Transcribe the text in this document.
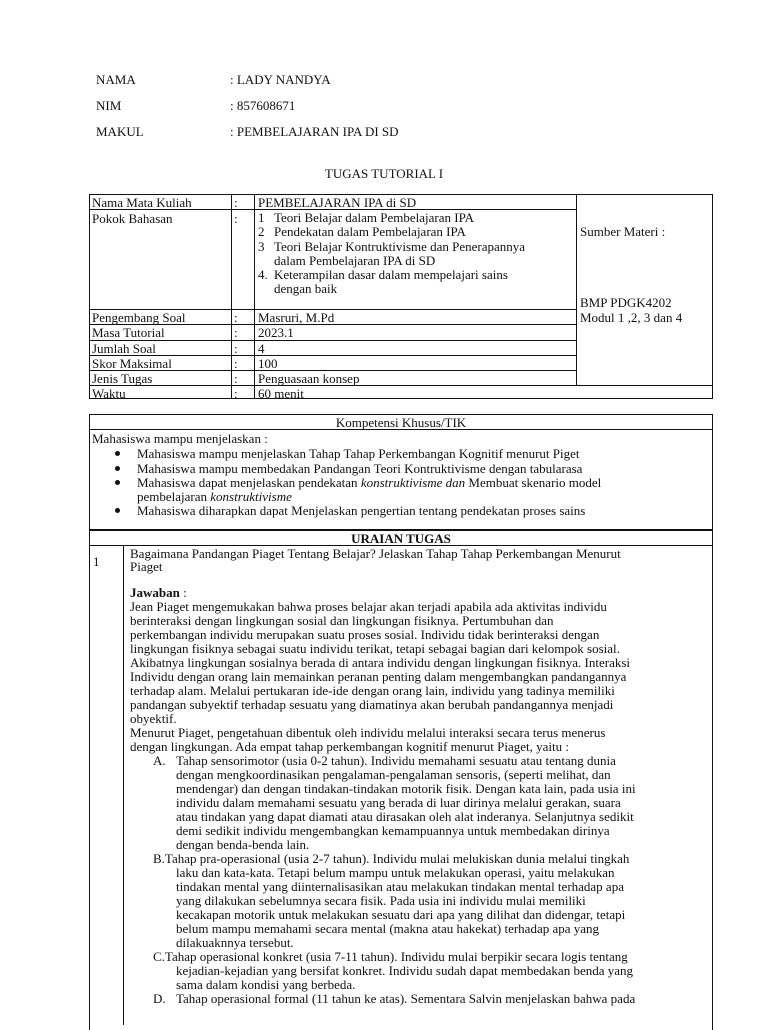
NAMA	: LADY NANDYA
NIM	: 857608671
MAKUL	: PEMBELAJARAN IPA DI SD
TUGAS TUTORIAL I
Nama Mata Kuliah	: PEMBELAJARAN IPA di SD
Pokok Bahasan	: 1 Teori Belajar dalam Pembelajaran IPA
2 Pendekatan dalam Pembelajaran IPA
3 Teori Belajar Kontruktivisme dan Penerapannya
dalam Pembelajaran IPA di SD
4. Keterampilan dasar dalam mempelajari sains
dengan baik
Sumber Materi :
BMP PDGK4202
Modul 1 ,2, 3 dan 4
Pengembang Soal	: Masruri, M.Pd
Masa Tutorial	: 2023.1
Jumlah Soal	: 4
Skor Maksimal	: 100
Jenis Tugas	: Penguasaan konsep
Waktu	: 60 menit
Kompetensi Khusus/TIK
Mahasiswa mampu menjelaskan :
Mahasiswa mampu menjelaskan Tahap Tahap Perkembangan Kognitif menurut Piget
Mahasiswa mampu membedakan Pandangan Teori Kontruktivisme dengan tabularasa
Mahasiswa dapat menjelaskan pendekatan konstruktivisme dan Membuat skenario model
pembelajaran konstruktivisme
Mahasiswa diharapkan dapat Menjelaskan pengertian tentang pendekatan proses sains
URAIAN TUGAS
1
Bagaimana Pandangan Piaget Tentang Belajar? Jelaskan Tahap Tahap Perkembangan Menurut
Piaget
Jawaban :
Jean Piaget mengemukakan bahwa proses belajar akan terjadi apabila ada aktivitas individu
berinteraksi dengan lingkungan sosial dan lingkungan fisiknya. Pertumbuhan dan
perkembangan individu merupakan suatu proses sosial. Individu tidak berinteraksi dengan
lingkungan fisiknya sebagai suatu individu terikat, tetapi sebagai bagian dari kelompok sosial.
Akibatnya lingkungan sosialnya berada di antara individu dengan lingkungan fisiknya. Interaksi
Individu dengan orang lain memainkan peranan penting dalam mengembangkan pandangannya
terhadap alam. Melalui pertukaran ide-ide dengan orang lain, individu yang tadinya memiliki
pandangan subyektif terhadap sesuatu yang diamatinya akan berubah pandangannya menjadi
obyektif.
Menurut Piaget, pengetahuan dibentuk oleh individu melalui interaksi secara terus menerus
dengan lingkungan. Ada empat tahap perkembangan kognitif menurut Piaget, yaitu :
A. Tahap sensorimotor (usia 0-2 tahun). Individu memahami sesuatu atau tentang dunia
dengan mengkoordinasikan pengalaman-pengalaman sensoris, (seperti melihat, dan
mendengar) dan dengan tindakan-tindakan motorik fisik. Dengan kata lain, pada usia ini
individu dalam memahami sesuatu yang berada di luar dirinya melalui gerakan, suara
atau tindakan yang dapat diamati atau dirasakan oleh alat inderanya. Selanjutnya sedikit
demi sedikit individu mengembangkan kemampuannya untuk membedakan dirinya
dengan benda-benda lain.
B.Tahap pra-operasional (usia 2-7 tahun). Individu mulai melukiskan dunia melalui tingkah
laku dan kata-kata. Tetapi belum mampu untuk melakukan operasi, yaitu melakukan
tindakan mental yang diinternalisasikan atau melakukan tindakan mental terhadap apa
yang dilakukan sebelumnya secara fisik. Pada usia ini individu mulai memiliki
kecakapan motorik untuk melakukan sesuatu dari apa yang dilihat dan didengar, tetapi
belum mampu memahami secara mental (makna atau hakekat) terhadap apa yang
dilakuaknnya tersebut.
C.Tahap operasional konkret (usia 7-11 tahun). Individu mulai berpikir secara logis tentang
kejadian-kejadian yang bersifat konkret. Individu sudah dapat membedakan benda yang
sama dalam kondisi yang berbeda.
D. Tahap operasional formal (11 tahun ke atas). Sementara Salvin menjelaskan bahwa pada
